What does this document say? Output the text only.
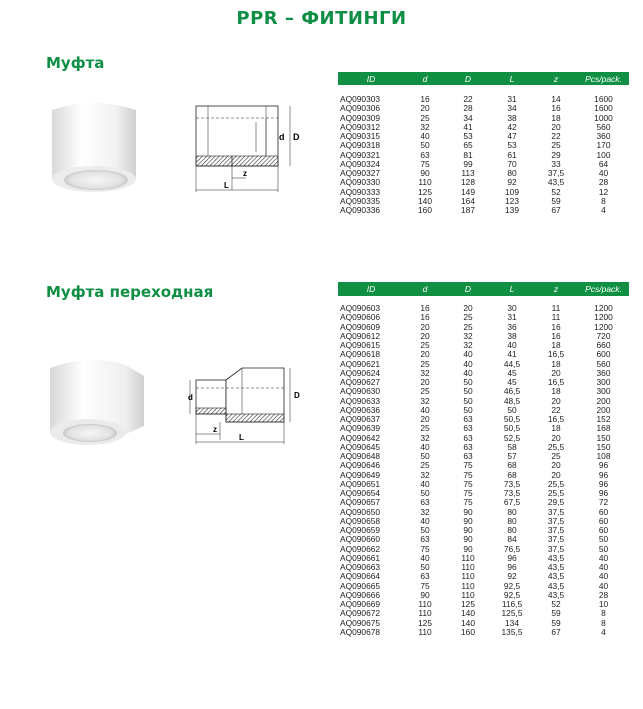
PPR – ФИТИНГИ
Муфта
d D
z
L
ID	d	D	L	z	Pcs/pack.

AQ090303	16	22	31	14	1600
AQ090306	20	28	34	16	1600
AQ090309	25	34	38	18	1000
AQ090312	32	41	42	20	560
AQ090315	40	53	47	22	360
AQ090318	50	65	53	25	170
AQ090321	63	81	61	29	100
AQ090324	75	99	70	33	64
AQ090327	90	113	80	37,5	40
AQ090330	110	128	92	43,5	28
AQ090333	125	149	109	52	12
AQ090335	140	164	123	59	8
AQ090336	160	187	139	67	4
Муфта переходная
d	D
z
L
ID	d	D	L	z	Pcs/pack.

AQ090603	16	20	30	11	1200
AQ090606	16	25	31	11	1200
AQ090609	20	25	36	16	1200
AQ090612	20	32	38	16	720
AQ090615	25	32	40	18	660
AQ090618	20	40	41	16,5	600
AQ090621	25	40	44,5	18	560
AQ090624	32	40	45	20	360
AQ090627	20	50	45	16,5	300
AQ090630	25	50	46,5	18	300
AQ090633	32	50	48,5	20	200
AQ090636	40	50	50	22	200
AQ090637	20	63	50,5	16,5	152
AQ090639	25	63	50,5	18	168
AQ090642	32	63	52,5	20	150
AQ090645	40	63	58	25,5	150
AQ090648	50	63	57	25	108
AQ090646	25	75	68	20	96
AQ090649	32	75	68	20	96
AQ090651	40	75	73,5	25,5	96
AQ090654	50	75	73,5	25,5	96
AQ090657	63	75	67,5	29,5	72
AQ090650	32	90	80	37,5	60
AQ090658	40	90	80	37,5	60
AQ090659	50	90	80	37,5	60
AQ090660	63	90	84	37,5	50
AQ090662	75	90	76,5	37,5	50
AQ090661	40	110	96	43,5	40
AQ090663	50	110	96	43,5	40
AQ090664	63	110	92	43,5	40
AQ090665	75	110	92,5	43,5	40
AQ090666	90	110	92,5	43,5	28
AQ090669	110	125	116,5	52	10
AQ090672	110	140	125,5	59	8
AQ090675	125	140	134	59	8
AQ090678	110	160	135,5	67	4
